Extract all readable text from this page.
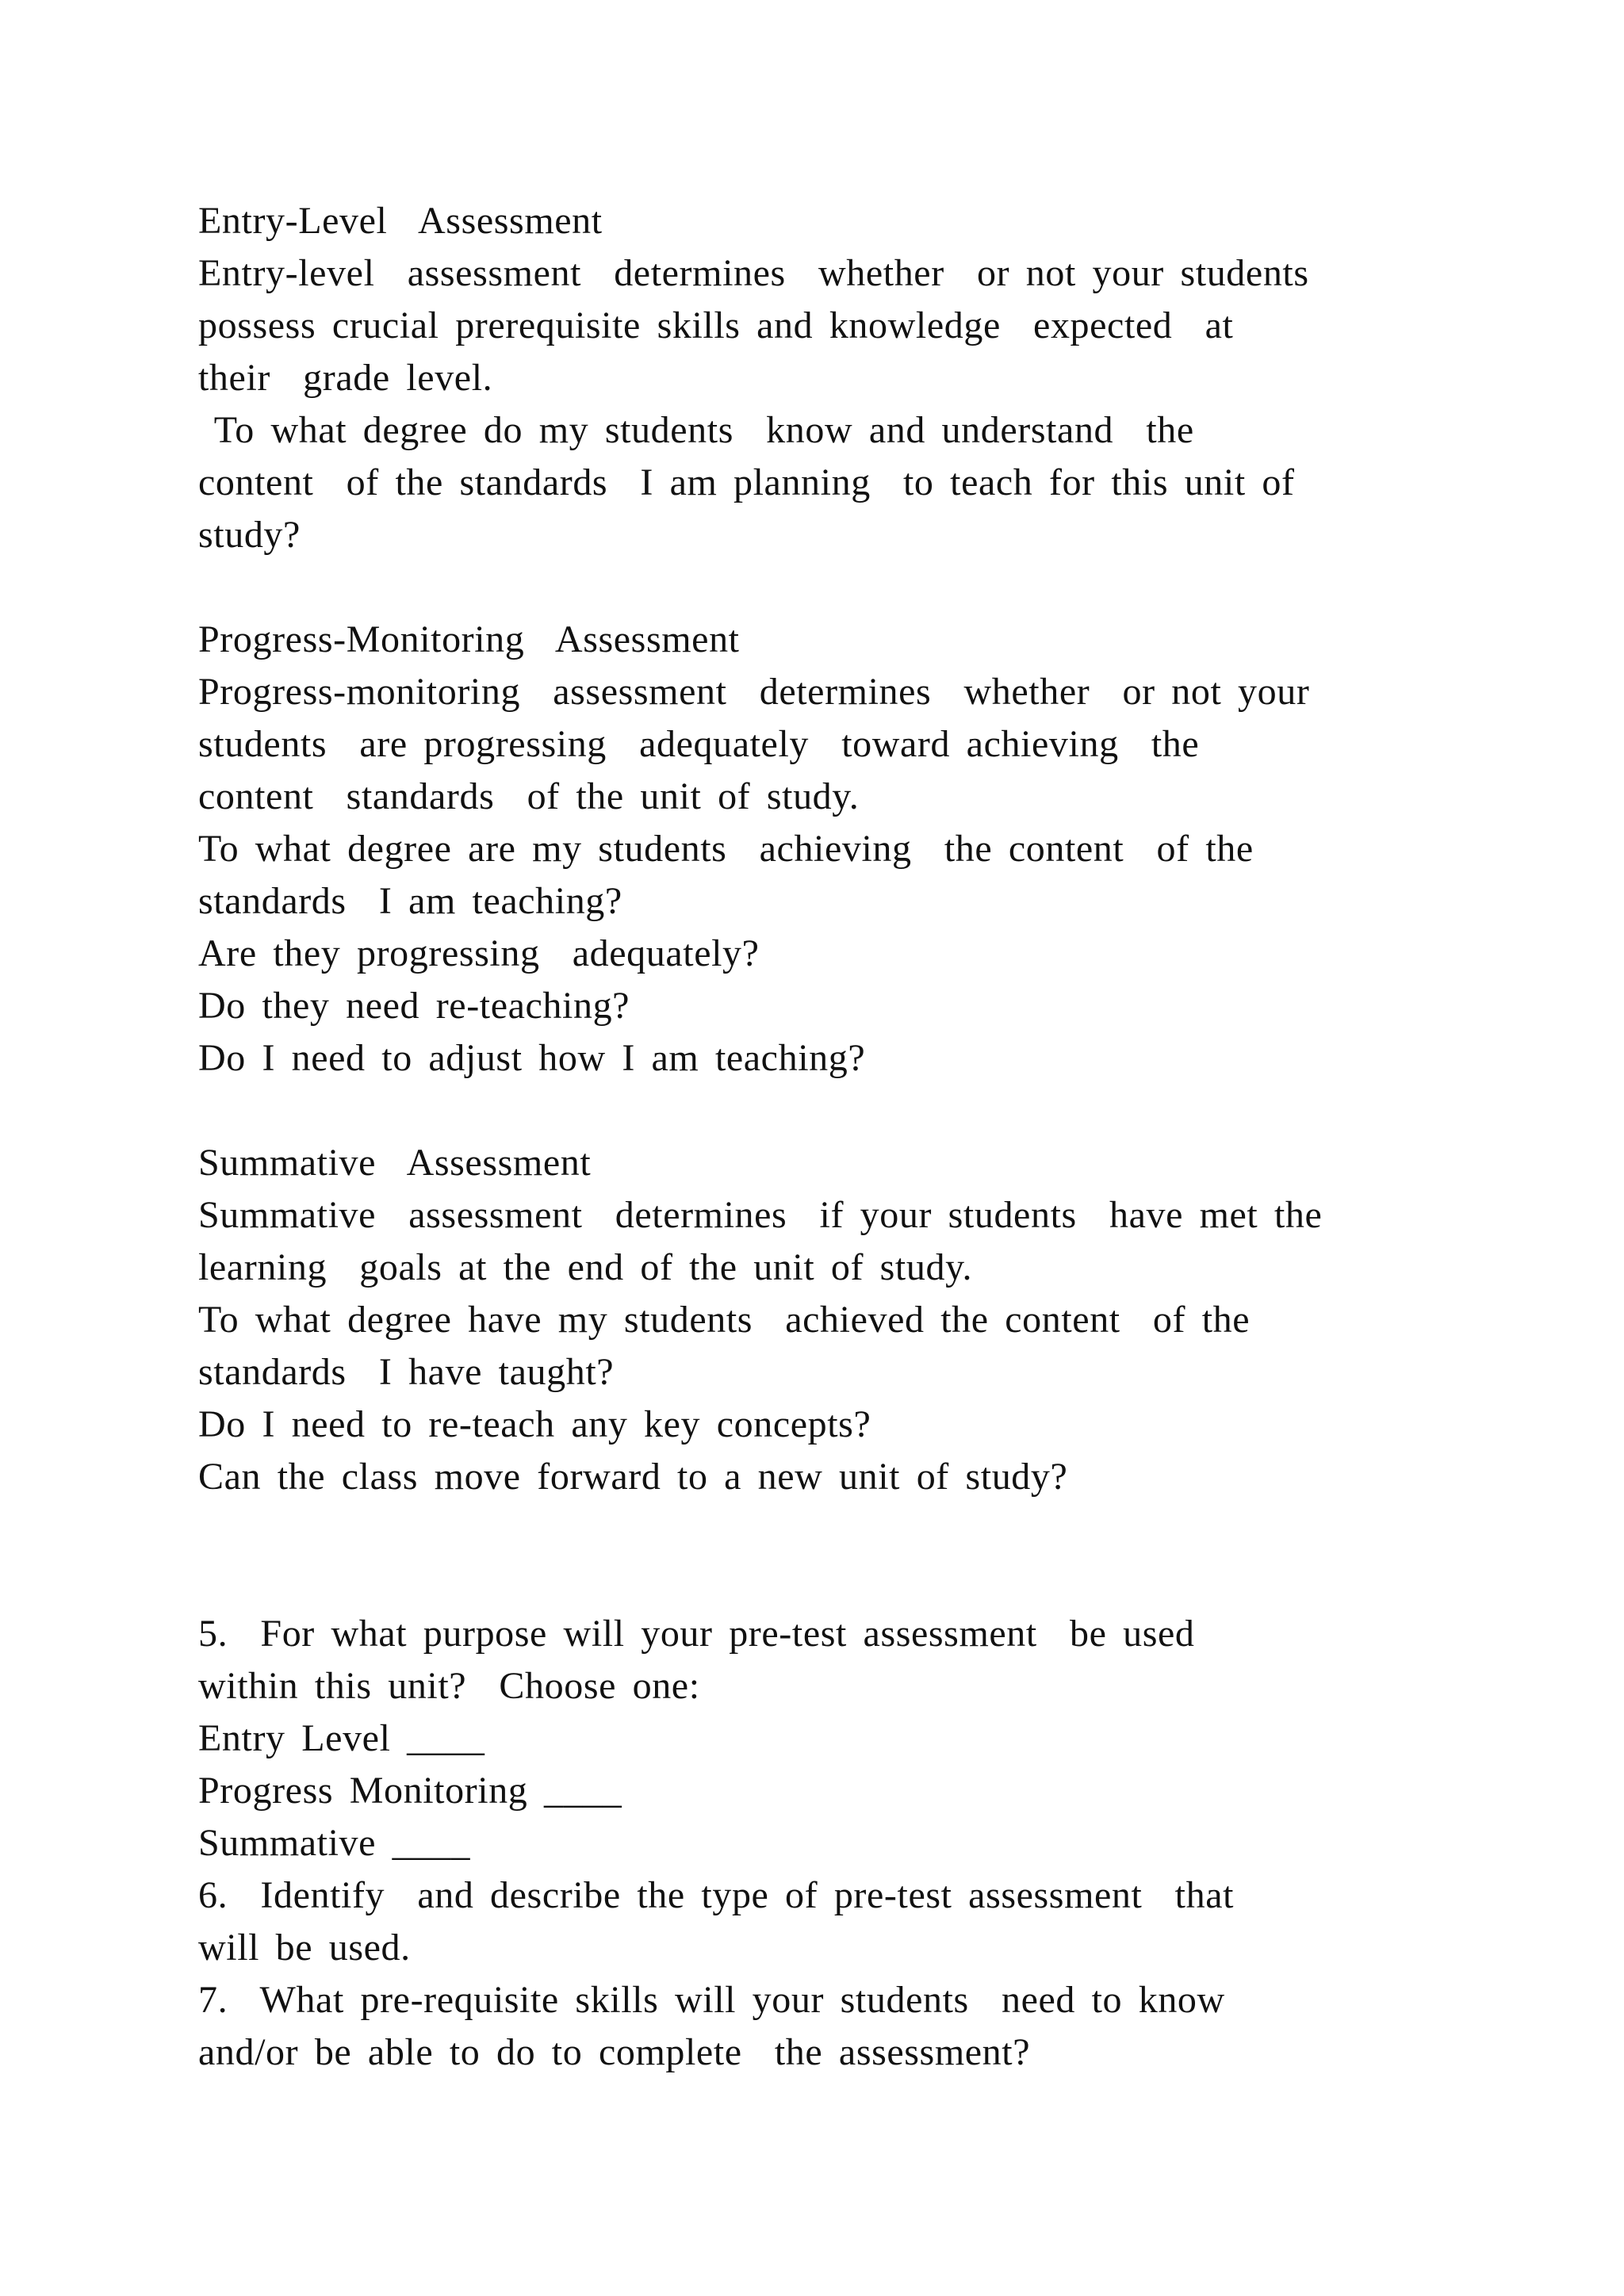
Entry-Level  Assessment

Entry-level  assessment  determines  whether  or not your students

possess crucial prerequisite skills and knowledge  expected  at

their  grade level.

To what degree do my students  know and understand  the

content  of the standards  I am planning  to teach for this unit of

study?

Progress-Monitoring  Assessment

Progress-monitoring  assessment  determines  whether  or not your

students  are progressing  adequately  toward achieving  the

content  standards  of the unit of study.

To what degree are my students  achieving  the content  of the

standards  I am teaching?

Are they progressing  adequately?

Do they need re-teaching?

Do I need to adjust how I am teaching?

Summative  Assessment

Summative  assessment  determines  if your students  have met the

learning  goals at the end of the unit of study.

To what degree have my students  achieved the content  of the

standards  I have taught?

Do I need to re-teach any key concepts?

Can the class move forward to a new unit of study?

5.  For what purpose will your pre-test assessment  be used

within this unit?  Choose one:

Entry Level ____

Progress Monitoring ____

Summative ____

6.  Identify  and describe the type of pre-test assessment  that

will be used.

7.  What pre-requisite skills will your students  need to know

and/or be able to do to complete  the assessment?
